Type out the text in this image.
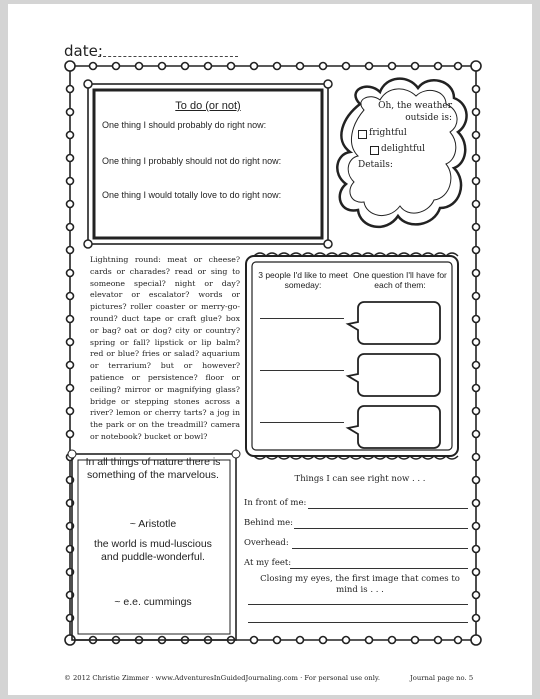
date:
To do (or not)
One thing I should probably do right now:
One thing I probably should not do right now:
One thing I would totally love to do right now:
Oh, the weather outside is:
frightful
delightful
Details:
Lightning round: meat or cheese? cards or charades? read or sing to someone special? night or day? elevator or escalator? words or pictures? roller coaster or merry-go-round? duct tape or craft glue? box or bag? oat or dog? city or country? spring or fall? lipstick or lip balm? red or blue? fries or salad? aquarium or terrarium? but or however? patience or persistence? floor or ceiling? mirror or magnifying glass? bridge or stepping stones across a river? lemon or cherry tarts? a jog in the park or on the treadmill? camera or notebook? bucket or bowl?
3 people I'd like to meet someday:
One question I'll have for each of them:
In all things of nature there is something of the marvelous.
~ Aristotle
the world is mud-luscious and puddle-wonderful.
~ e.e. cummings
Things I can see right now . . .
In front of me:
Behind me:
Overhead:
At my feet:
Closing my eyes, the first image that comes to mind is . . .
© 2012 Christie Zimmer · www.AdventuresInGuidedJournaling.com · For personal use only.	Journal page no. 5
